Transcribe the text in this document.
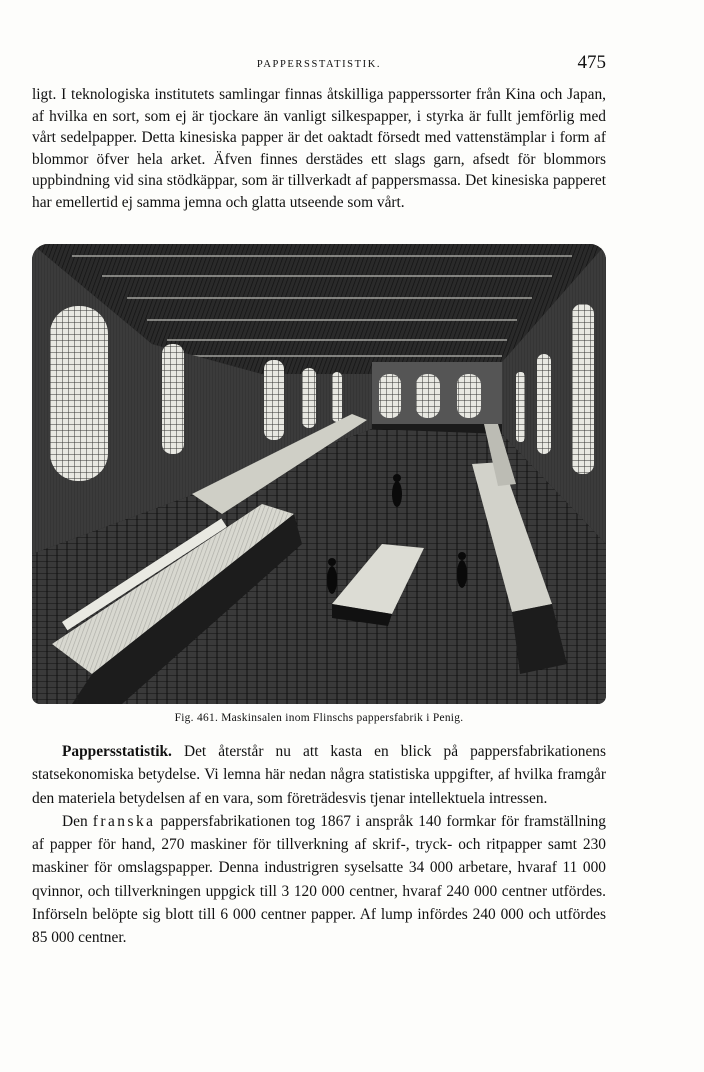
PAPPERSSTATISTIK.	475

ligt. I teknologiska institutets samlingar finnas åtskilliga papperssorter från Kina och Japan, af hvilka en sort, som ej är tjockare än vanligt silkespapper, i styrka är fullt jemförlig med vårt sedelpapper. Detta kinesiska papper är det oaktadt försedt med vattenstämplar i form af blommor öfver hela arket. Äfven finnes derstädes ett slags garn, afsedt för blommors uppbindning vid sina stödkäppar, som är tillverkadt af pappersmassa. Det kinesiska papperet har emellertid ej samma jemna och glatta utseende som vårt.

Fig. 461. Maskinsalen inom Flinschs pappersfabrik i Penig.

Pappersstatistik. Det återstår nu att kasta en blick på pappersfabrikationens statsekonomiska betydelse. Vi lemna här nedan några statistiska uppgifter, af hvilka framgår den materiela betydelsen af en vara, som företrädesvis tjenar intellektuela intressen.

Den franska pappersfabrikationen tog 1867 i anspråk 140 formkar för framställning af papper för hand, 270 maskiner för tillverkning af skrif-, tryck- och ritpapper samt 230 maskiner för omslagspapper. Denna industrigren syselsatte 34 000 arbetare, hvaraf 11 000 qvinnor, och tillverkningen uppgick till 3 120 000 centner, hvaraf 240 000 centner utfördes. Införseln belöpte sig blott till 6 000 centner papper. Af lump infördes 240 000 och utfördes 85 000 centner.
